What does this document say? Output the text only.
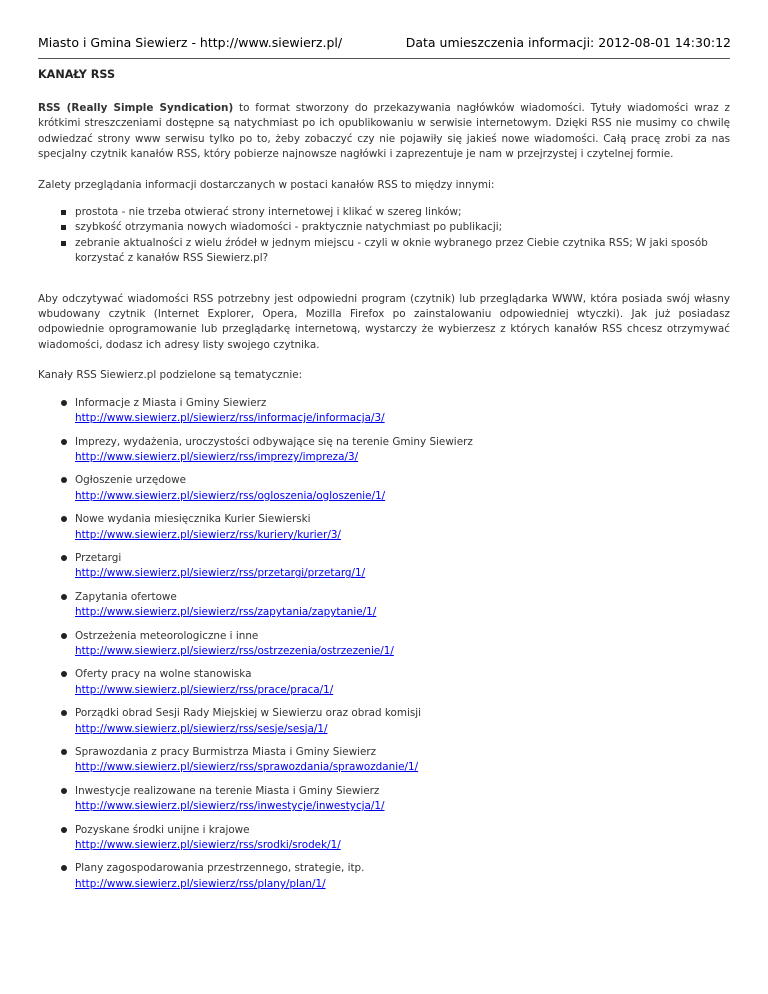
Miasto i Gmina Siewierz - http://www.siewierz.pl/	Data umieszczenia informacji: 2012-08-01 14:30:12
KANAŁY RSS

RSS (Really Simple Syndication) to format stworzony do przekazywania nagłówków wiadomości. Tytuły wiadomości wraz z krótkimi streszczeniami dostępne są natychmiast po ich opublikowaniu w serwisie internetowym. Dzięki RSS nie musimy co chwilę odwiedzać strony www serwisu tylko po to, żeby zobaczyć czy nie pojawiły się jakieś nowe wiadomości. Całą pracę zrobi za nas specjalny czytnik kanałów RSS, który pobierze najnowsze nagłówki i zaprezentuje je nam w przejrzystej i czytelnej formie.

Zalety przeglądania informacji dostarczanych w postaci kanałów RSS to między innymi:

prostota - nie trzeba otwierać strony internetowej i klikać w szereg linków;
szybkość otrzymania nowych wiadomości - praktycznie natychmiast po publikacji;
zebranie aktualności z wielu źródeł w jednym miejscu - czyli w oknie wybranego przez Ciebie czytnika RSS; W jaki sposób korzystać z kanałów RSS Siewierz.pl?

Aby odczytywać wiadomości RSS potrzebny jest odpowiedni program (czytnik) lub przeglądarka WWW, która posiada swój własny wbudowany czytnik (Internet Explorer, Opera, Mozilla Firefox po zainstalowaniu odpowiedniej wtyczki). Jak już posiadasz odpowiednie oprogramowanie lub przeglądarkę internetową, wystarczy że wybierzesz z których kanałów RSS chcesz otrzymywać wiadomości, dodasz ich adresy listy swojego czytnika.

Kanały RSS Siewierz.pl podzielone są tematycznie:

Informacje z Miasta i Gminy Siewierz
http://www.siewierz.pl/siewierz/rss/informacje/informacja/3/
Imprezy, wydażenia, uroczystości odbywające się na terenie Gminy Siewierz
http://www.siewierz.pl/siewierz/rss/imprezy/impreza/3/
Ogłoszenie urzędowe
http://www.siewierz.pl/siewierz/rss/ogloszenia/ogloszenie/1/
Nowe wydania miesięcznika Kurier Siewierski
http://www.siewierz.pl/siewierz/rss/kuriery/kurier/3/
Przetargi
http://www.siewierz.pl/siewierz/rss/przetargi/przetarg/1/
Zapytania ofertowe
http://www.siewierz.pl/siewierz/rss/zapytania/zapytanie/1/
Ostrzeżenia meteorologiczne i inne
http://www.siewierz.pl/siewierz/rss/ostrzezenia/ostrzezenie/1/
Oferty pracy na wolne stanowiska
http://www.siewierz.pl/siewierz/rss/prace/praca/1/
Porządki obrad Sesji Rady Miejskiej w Siewierzu oraz obrad komisji
http://www.siewierz.pl/siewierz/rss/sesje/sesja/1/
Sprawozdania z pracy Burmistrza Miasta i Gminy Siewierz
http://www.siewierz.pl/siewierz/rss/sprawozdania/sprawozdanie/1/
Inwestycje realizowane na terenie Miasta i Gminy Siewierz
http://www.siewierz.pl/siewierz/rss/inwestycje/inwestycja/1/
Pozyskane środki unijne i krajowe
http://www.siewierz.pl/siewierz/rss/srodki/srodek/1/
Plany zagospodarowania przestrzennego, strategie, itp.
http://www.siewierz.pl/siewierz/rss/plany/plan/1/
